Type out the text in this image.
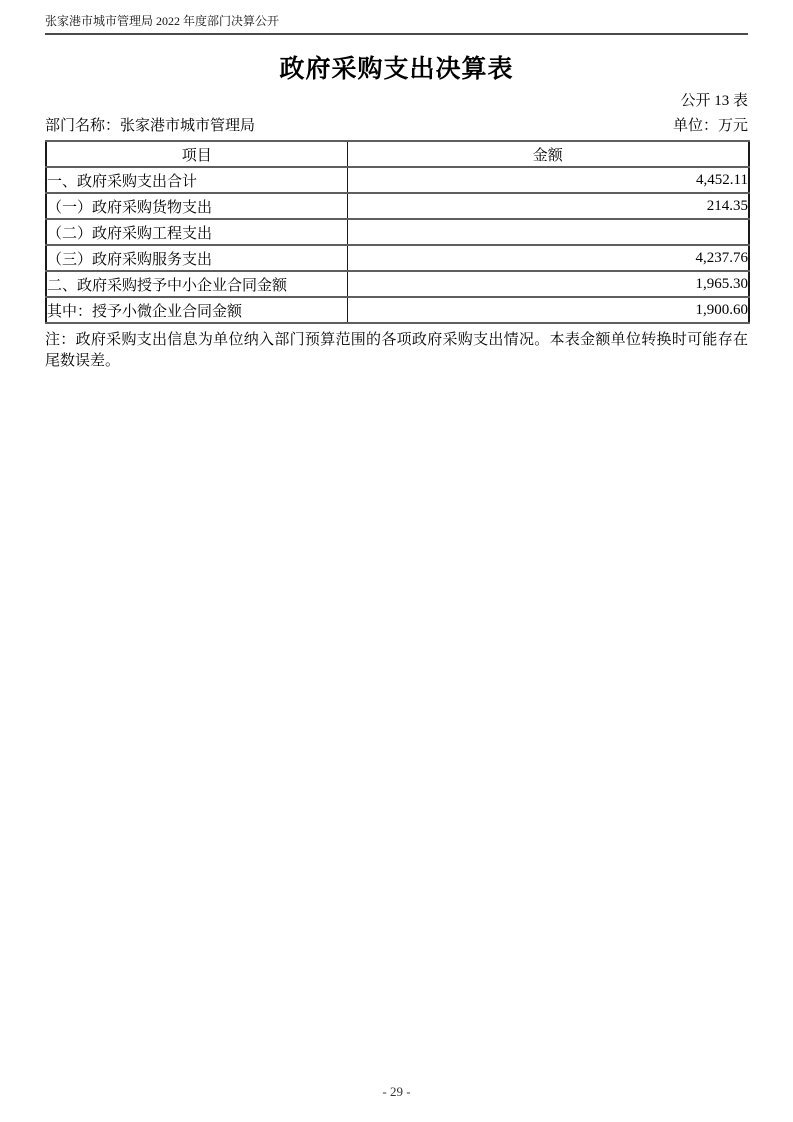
张家港市城市管理局 2022 年度部门决算公开
政府采购支出决算表
公开 13 表
部门名称：张家港市城市管理局	单位：万元
项目	金额
一、政府采购支出合计	4,452.11
（一）政府采购货物支出	214.35
（二）政府采购工程支出	
（三）政府采购服务支出	4,237.76
二、政府采购授予中小企业合同金额	1,965.30
其中：授予小微企业合同金额	1,900.60
注：政府采购支出信息为单位纳入部门预算范围的各项政府采购支出情况。本表金额单位转换时可能存在尾数误差。
- 29 -
